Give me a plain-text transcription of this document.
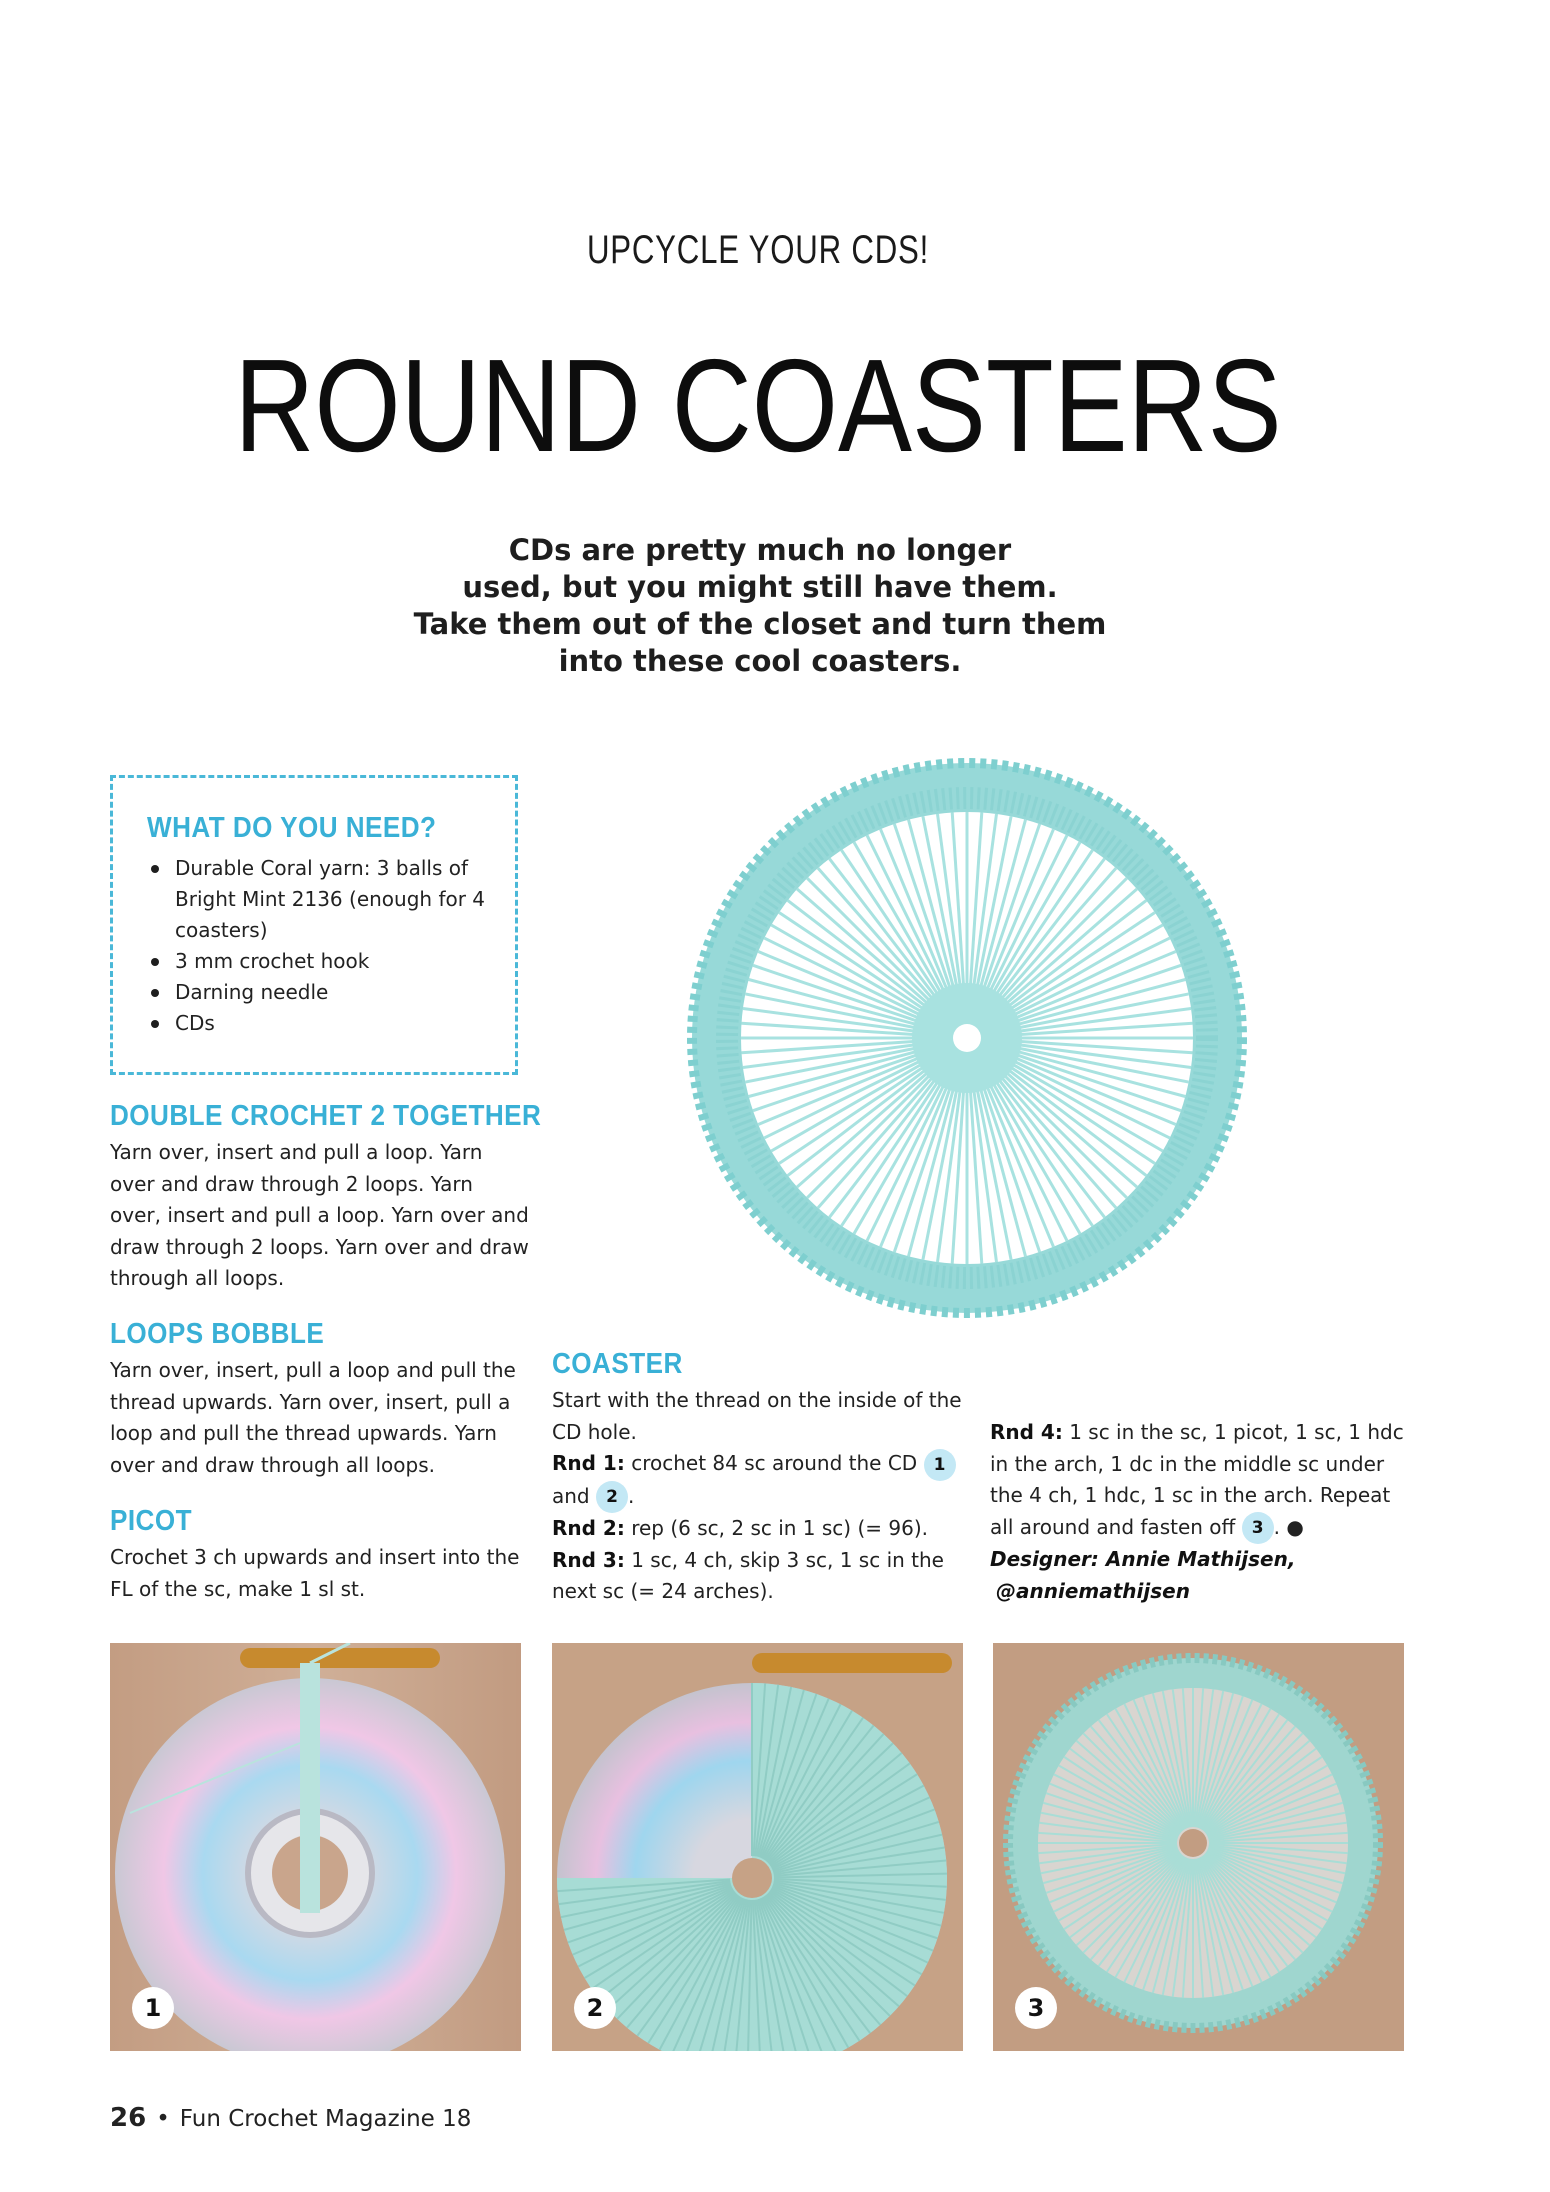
UPCYCLE YOUR CDS!
ROUND COASTERS
CDs are pretty much no longer
used, but you might still have them.
Take them out of the closet and turn them
into these cool coasters.
WHAT DO YOU NEED?
Durable Coral yarn: 3 balls of Bright Mint 2136 (enough for 4 coasters)
3 mm crochet hook
Darning needle
CDs
DOUBLE CROCHET 2 TOGETHER
Yarn over, insert and pull a loop. Yarn over and draw through 2 loops. Yarn over, insert and pull a loop. Yarn over and draw through 2 loops. Yarn over and draw through all loops.
LOOPS BOBBLE
Yarn over, insert, pull a loop and pull the thread upwards. Yarn over, insert, pull a loop and pull the thread upwards. Yarn over and draw through all loops.
PICOT
Crochet 3 ch upwards and insert into the FL of the sc, make 1 sl st.
COASTER
Start with the thread on the inside of the CD hole.
Rnd 1: crochet 84 sc around the CD 1 and 2 .
Rnd 2: rep (6 sc, 2 sc in 1 sc) (= 96).
Rnd 3: 1 sc, 4 ch, skip 3 sc, 1 sc in the next sc (= 24 arches).
Rnd 4: 1 sc in the sc, 1 picot, 1 sc, 1 hdc in the arch, 1 dc in the middle sc under the 4 ch, 1 hdc, 1 sc in the arch. Repeat all around and fasten off 3 . ●
Designer: Annie Mathijsen,
@anniemathijsen
1	2	3
26 • Fun Crochet Magazine 18
